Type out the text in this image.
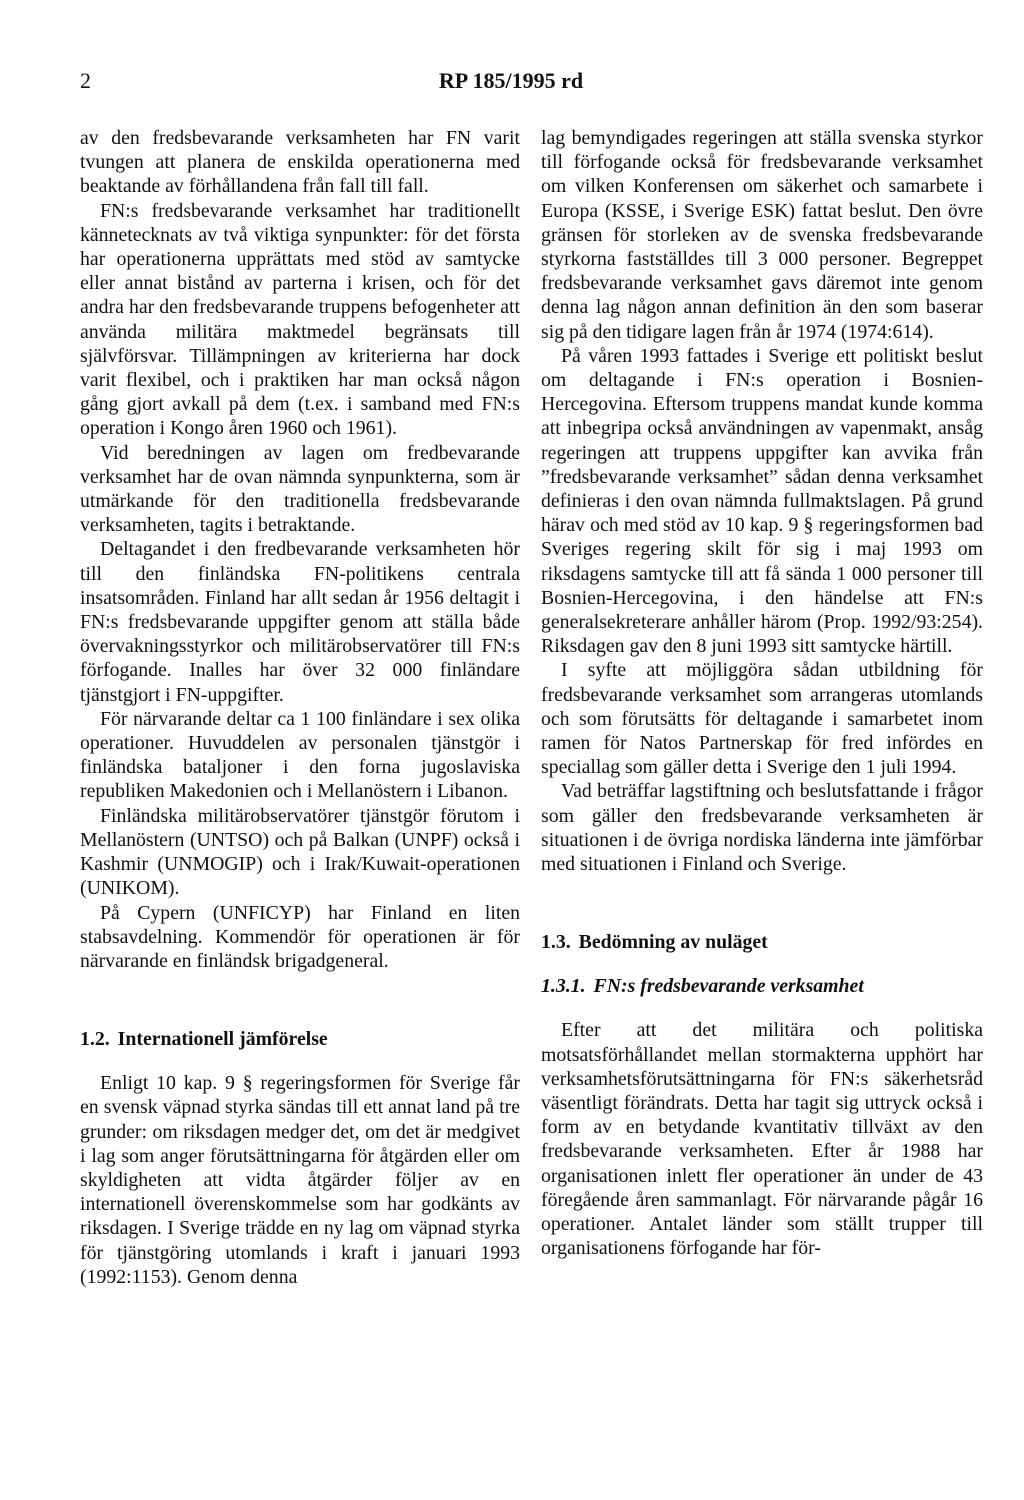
2	RP 185/1995 rd

av den fredsbevarande verksamheten har FN varit tvungen att planera de enskilda operationerna med beaktande av förhållandena från fall till fall.

FN:s fredsbevarande verksamhet har traditionellt kännetecknats av två viktiga synpunkter: för det första har operationerna upprättats med stöd av samtycke eller annat bistånd av parterna i krisen, och för det andra har den fredsbevarande truppens befogenheter att använda militära maktmedel begränsats till självförsvar. Tillämpningen av kriterierna har dock varit flexibel, och i praktiken har man också någon gång gjort avkall på dem (t.ex. i samband med FN:s operation i Kongo åren 1960 och 1961).

Vid beredningen av lagen om fredbevarande verksamhet har de ovan nämnda synpunkterna, som är utmärkande för den traditionella fredsbevarande verksamheten, tagits i betraktande.

Deltagandet i den fredbevarande verksamheten hör till den finländska FN-politikens centrala insatsområden. Finland har allt sedan år 1956 deltagit i FN:s fredsbevarande uppgifter genom att ställa både övervakningsstyrkor och militärobservatörer till FN:s förfogande. Inalles har över 32 000 finländare tjänstgjort i FN-uppgifter.

För närvarande deltar ca 1 100 finländare i sex olika operationer. Huvuddelen av personalen tjänstgör i finländska bataljoner i den forna jugoslaviska republiken Makedonien och i Mellanöstern i Libanon.

Finländska militärobservatörer tjänstgör förutom i Mellanöstern (UNTSO) och på Balkan (UNPF) också i Kashmir (UNMOGIP) och i Irak/Kuwait-operationen (UNIKOM).

På Cypern (UNFICYP) har Finland en liten stabsavdelning. Kommendör för operationen är för närvarande en finländsk brigadgeneral.

1.2. Internationell jämförelse

Enligt 10 kap. 9 § regeringsformen för Sverige får en svensk väpnad styrka sändas till ett annat land på tre grunder: om riksdagen medger det, om det är medgivet i lag som anger förutsättningarna för åtgärden eller om skyldigheten att vidta åtgärder följer av en internationell överenskommelse som har godkänts av riksdagen. I Sverige trädde en ny lag om väpnad styrka för tjänstgöring utomlands i kraft i januari 1993 (1992:1153). Genom denna

lag bemyndigades regeringen att ställa svenska styrkor till förfogande också för fredsbevarande verksamhet om vilken Konferensen om säkerhet och samarbete i Europa (KSSE, i Sverige ESK) fattat beslut. Den övre gränsen för storleken av de svenska fredsbevarande styrkorna fastställdes till 3 000 personer. Begreppet fredsbevarande verksamhet gavs däremot inte genom denna lag någon annan definition än den som baserar sig på den tidigare lagen från år 1974 (1974:614).

På våren 1993 fattades i Sverige ett politiskt beslut om deltagande i FN:s operation i Bosnien-Hercegovina. Eftersom truppens mandat kunde komma att inbegripa också användningen av vapenmakt, ansåg regeringen att truppens uppgifter kan avvika från ”fredsbevarande verksamhet” sådan denna verksamhet definieras i den ovan nämnda fullmaktslagen. På grund härav och med stöd av 10 kap. 9 § regeringsformen bad Sveriges regering skilt för sig i maj 1993 om riksdagens samtycke till att få sända 1 000 personer till Bosnien-Hercegovina, i den händelse att FN:s generalsekreterare anhåller härom (Prop. 1992/93:254). Riksdagen gav den 8 juni 1993 sitt samtycke härtill.

I syfte att möjliggöra sådan utbildning för fredsbevarande verksamhet som arrangeras utomlands och som förutsätts för deltagande i samarbetet inom ramen för Natos Partnerskap för fred infördes en speciallag som gäller detta i Sverige den 1 juli 1994.

Vad beträffar lagstiftning och beslutsfattande i frågor som gäller den fredsbevarande verksamheten är situationen i de övriga nordiska länderna inte jämförbar med situationen i Finland och Sverige.

1.3. Bedömning av nuläget
1.3.1. FN:s fredsbevarande verksamhet

Efter att det militära och politiska motsatsförhållandet mellan stormakterna upphört har verksamhetsförutsättningarna för FN:s säkerhetsråd väsentligt förändrats. Detta har tagit sig uttryck också i form av en betydande kvantitativ tillväxt av den fredsbevarande verksamheten. Efter år 1988 har organisationen inlett fler operationer än under de 43 föregående åren sammanlagt. För närvarande pågår 16 operationer. Antalet länder som ställt trupper till organisationens förfogande har för-
